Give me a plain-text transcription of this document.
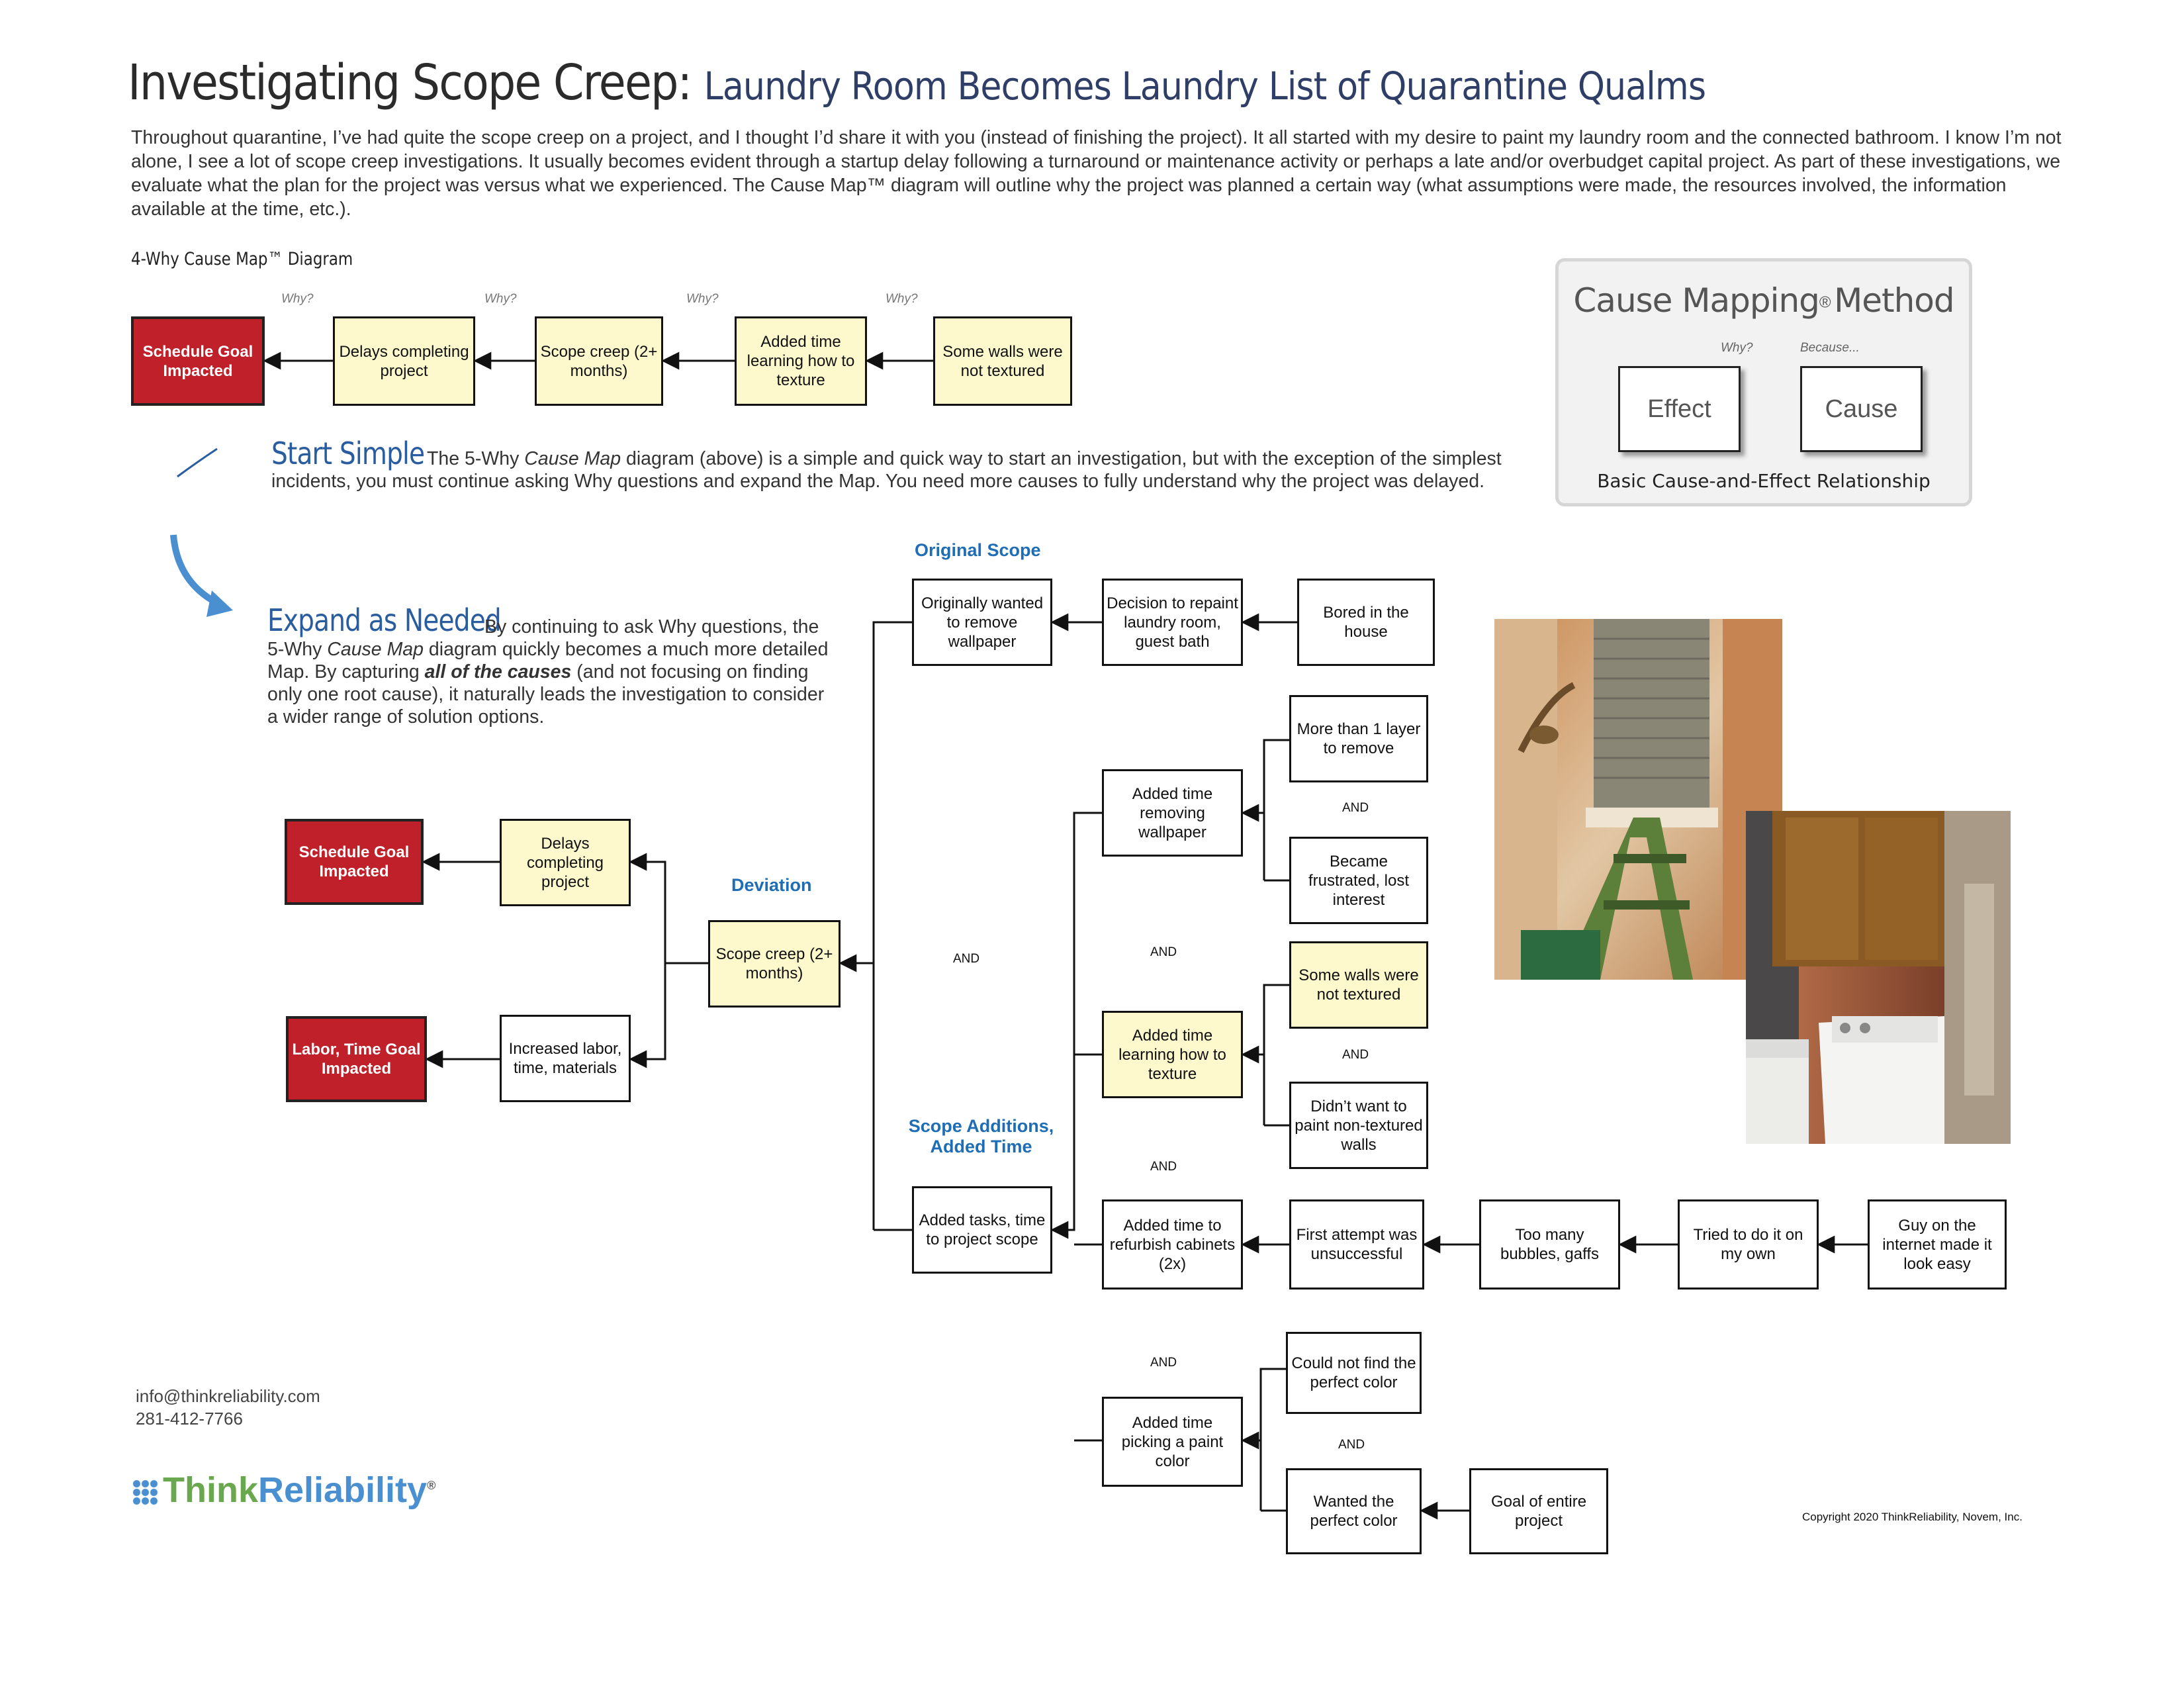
Investigating Scope Creep: Laundry Room Becomes Laundry List of Quarantine Qualms
Throughout quarantine, I’ve had quite the scope creep on a project, and I thought I’d share it with you (instead of finishing the project). It all started with my desire to paint my laundry room and the connected bathroom. I know I’m not alone, I see a lot of scope creep investigations. It usually becomes evident through a startup delay following a turnaround or maintenance activity or perhaps a late and/or overbudget capital project. As part of these investigations, we evaluate what the plan for the project was versus what we experienced. The Cause Map™ diagram will outline why the project was planned a certain way (what assumptions were made, the resources involved, the information available at the time, etc.).
4-Why Cause Map™ Diagram
Why?	Why?	Why?	Why?
Schedule Goal Impacted
Delays completing project
Scope creep (2+ months)
Added time learning how to texture
Some walls were not textured
Cause Mapping® Method
Why?	Because...
Effect	Cause
Basic Cause-and-Effect Relationship
Start Simple The 5-Why Cause Map diagram (above) is a simple and quick way to start an investigation, but with the exception of the simplest incidents, you must continue asking Why questions and expand the Map. You need more causes to fully understand why the project was delayed.
Expand as Needed
By continuing to ask Why questions, the 5-Why Cause Map diagram quickly becomes a much more detailed Map. By capturing all of the causes (and not focusing on finding only one root cause), it naturally leads the investigation to consider a wider range of solution options.
Original Scope
Deviation
Scope Additions,
Added Time
AND	AND
AND
AND
AND
AND
AND
Schedule Goal Impacted
Labor, Time Goal Impacted
Delays completing project
Increased labor, time, materials
Scope creep (2+ months)
Originally wanted to remove wallpaper
Decision to repaint laundry room, guest bath
Bored in the house
Added tasks, time to project scope
Added time removing wallpaper
More than 1 layer to remove
Became frustrated, lost interest
Added time learning how to texture
Some walls were not textured
Didn’t want to paint non-textured walls
Added time to refurbish cabinets (2x)
First attempt was unsuccessful
Too many bubbles, gaffs
Tried to do it on my own
Guy on the internet made it look easy
Added time picking a paint color
Could not find the perfect color
Wanted the perfect color
Goal of entire project
info@thinkreliability.com
281-412-7766
ThinkReliability®
Copyright 2020 ThinkReliability, Novem, Inc.
